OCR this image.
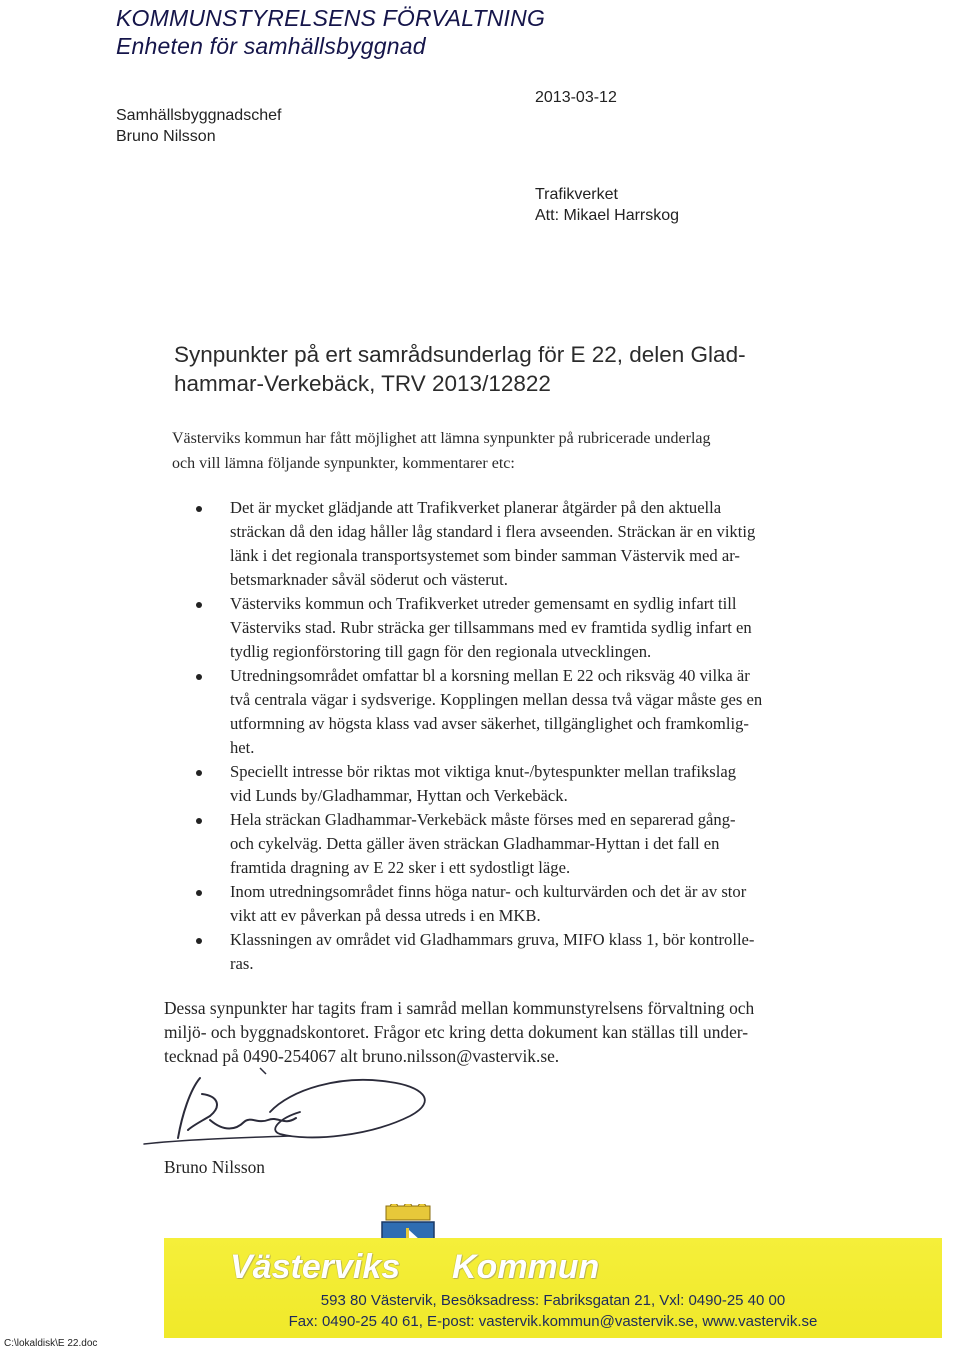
KOMMUNSTYRELSENS FÖRVALTNING
Enheten för samhällsbyggnad
Samhällsbyggnadschef
Bruno Nilsson
2013-03-12
Trafikverket
Att: Mikael Harrskog
Synpunkter på ert samrådsunderlag för E 22, delen Glad-
hammar-Verkebäck, TRV 2013/12822
Västerviks kommun har fått möjlighet att lämna synpunkter på rubricerade underlag
och vill lämna följande synpunkter, kommentarer etc:
Det är mycket glädjande att Trafikverket planerar åtgärder på den aktuella
sträckan då den idag håller låg standard i flera avseenden. Sträckan är en viktig
länk i det regionala transportsystemet som binder samman Västervik med ar-
betsmarknader såväl söderut och västerut.
Västerviks kommun och Trafikverket utreder gemensamt en sydlig infart till
Västerviks stad. Rubr sträcka ger tillsammans med ev framtida sydlig infart en
tydlig regionförstoring till gagn för den regionala utvecklingen.
Utredningsområdet omfattar bl a korsning mellan E 22 och riksväg 40 vilka är
två centrala vägar i sydsverige. Kopplingen mellan dessa två vägar måste ges en
utformning av högsta klass vad avser säkerhet, tillgänglighet och framkomlig-
het.
Speciellt intresse bör riktas mot viktiga knut-/bytespunkter mellan trafikslag
vid Lunds by/Gladhammar, Hyttan och Verkebäck.
Hela sträckan Gladhammar-Verkebäck måste förses med en separerad gång-
och cykelväg. Detta gäller även sträckan Gladhammar-Hyttan i det fall en
framtida dragning av E 22 sker i ett sydostligt läge.
Inom utredningsområdet finns höga natur- och kulturvärden och det är av stor
vikt att ev påverkan på dessa utreds i en MKB.
Klassningen av området vid Gladhammars gruva, MIFO klass 1, bör kontrolle-
ras.
Dessa synpunkter har tagits fram i samråd mellan kommunstyrelsens förvaltning och
miljö- och byggnadskontoret. Frågor etc kring detta dokument kan ställas till under-
tecknad på 0490-254067 alt bruno.nilsson@vastervik.se.
Bruno Nilsson
Västerviks Kommun
593 80 Västervik, Besöksadress: Fabriksgatan 21, Vxl: 0490-25 40 00
Fax: 0490-25 40 61, E-post: vastervik.kommun@vastervik.se, www.vastervik.se
C:\lokaldisk\E 22.doc
